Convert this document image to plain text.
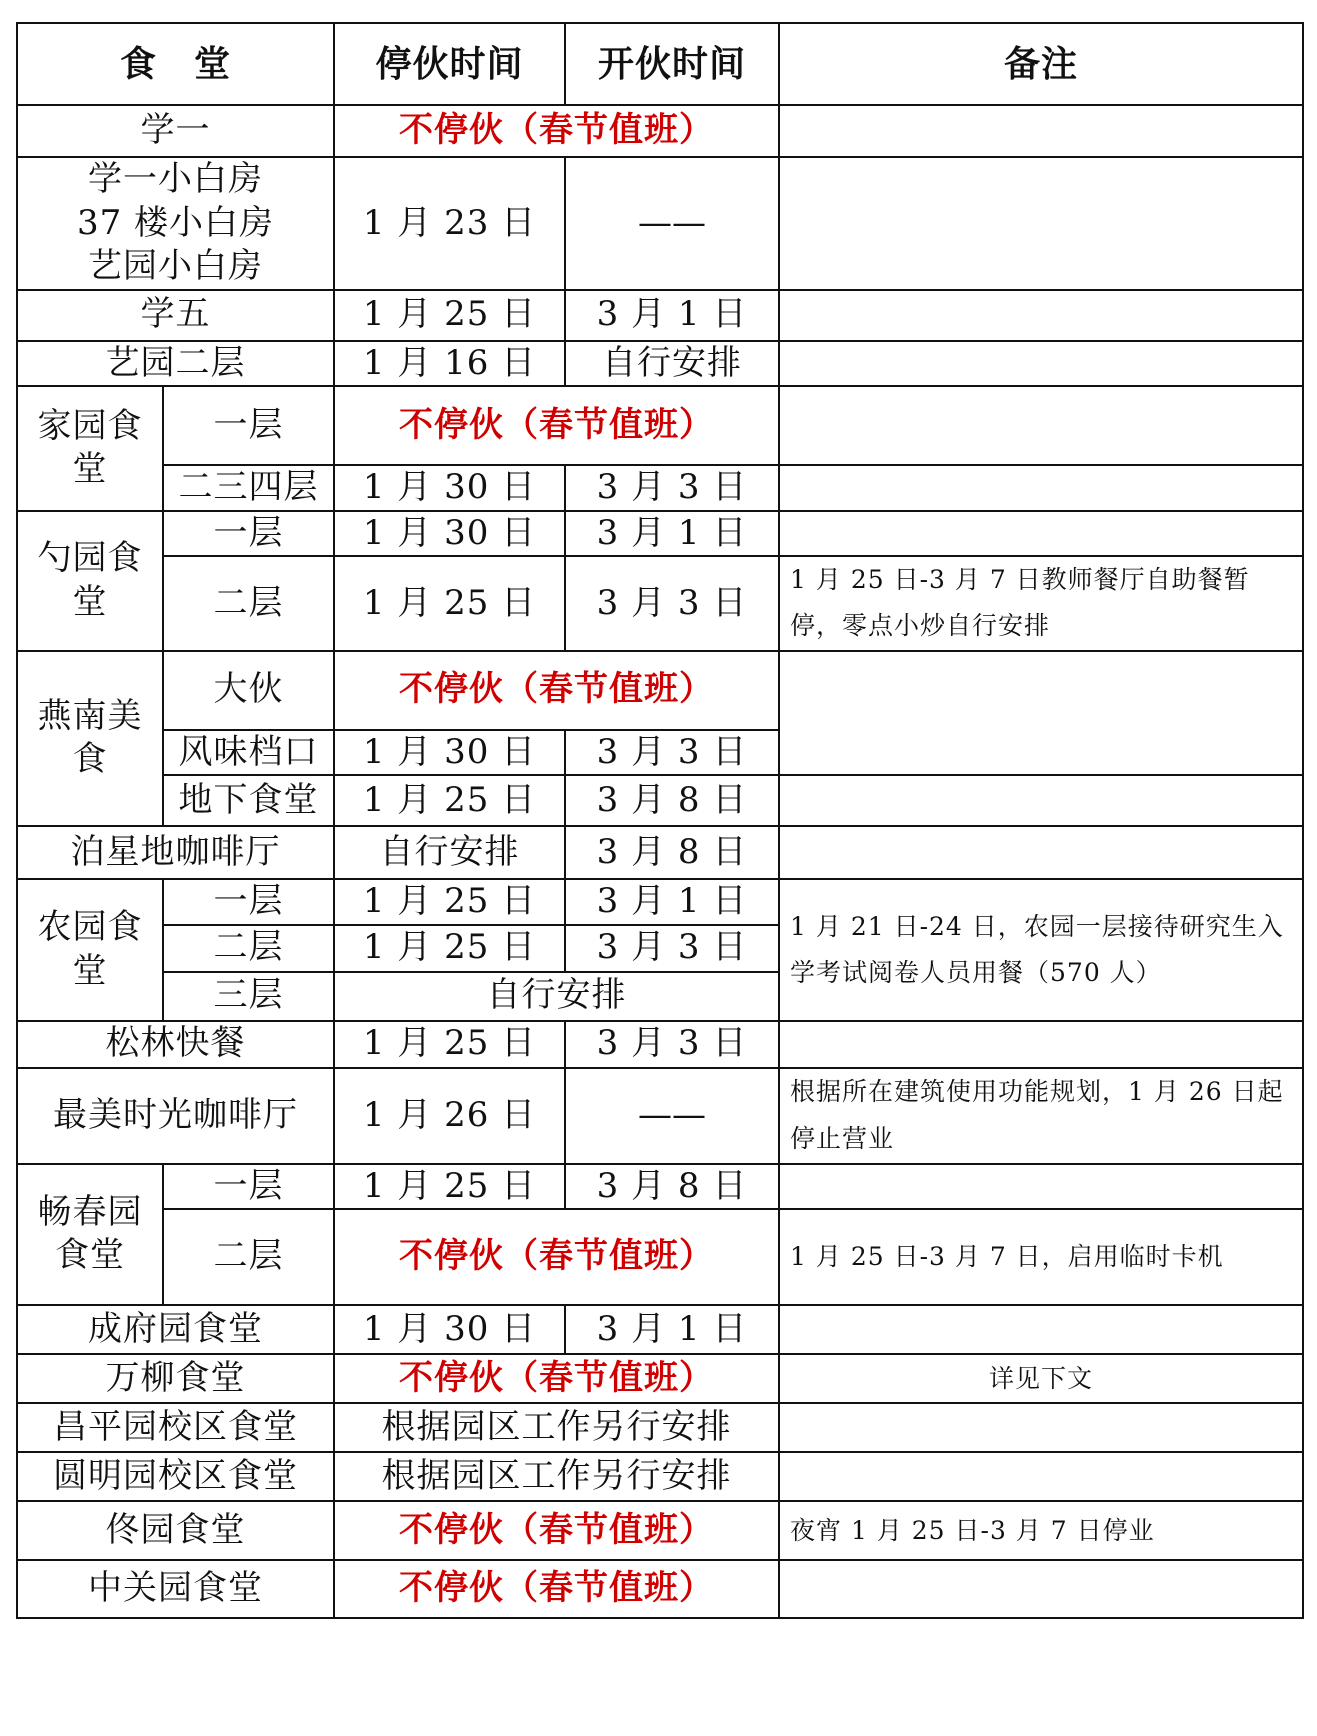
食　堂		停伙时间	开伙时间	备注
学一		不停伙（春节值班）		

学一小白房
37 楼小白房
艺园小白房		1 月 23 日	——	
学五		1 月 25 日	3 月 1 日	
艺园二层		1 月 16 日	自行安排	
家园食堂	一层	不停伙（春节值班）		
	二三四层	1 月 30 日	3 月 3 日	
勺园食堂	一层	1 月 30 日	3 月 1 日	
	二层	1 月 25 日	3 月 3 日	1 月 25 日-3 月 7 日教师餐厅自助餐暂停，零点小炒自行安排
燕南美食	大伙	不停伙（春节值班）		
	风味档口	1 月 30 日	3 月 3 日	
	地下食堂	1 月 25 日	3 月 8 日	
泊星地咖啡厅		自行安排	3 月 8 日	
农园食堂	一层	1 月 25 日	3 月 1 日	1 月 21 日-24 日，农园一层接待研究生入学考试阅卷人员用餐（570 人）
	二层	1 月 25 日	3 月 3 日	
	三层	自行安排		
松林快餐		1 月 25 日	3 月 3 日	
最美时光咖啡厅		1 月 26 日	——	根据所在建筑使用功能规划，1 月 26 日起停止营业
畅春园食堂	一层	1 月 25 日	3 月 8 日	
	二层	不停伙（春节值班）		1 月 25 日-3 月 7 日，启用临时卡机
成府园食堂		1 月 30 日	3 月 1 日	
万柳食堂		不停伙（春节值班）		详见下文
昌平园校区食堂		根据园区工作另行安排		
圆明园校区食堂		根据园区工作另行安排		
佟园食堂		不停伙（春节值班）		夜宵 1 月 25 日-3 月 7 日停业
中关园食堂		不停伙（春节值班）		
